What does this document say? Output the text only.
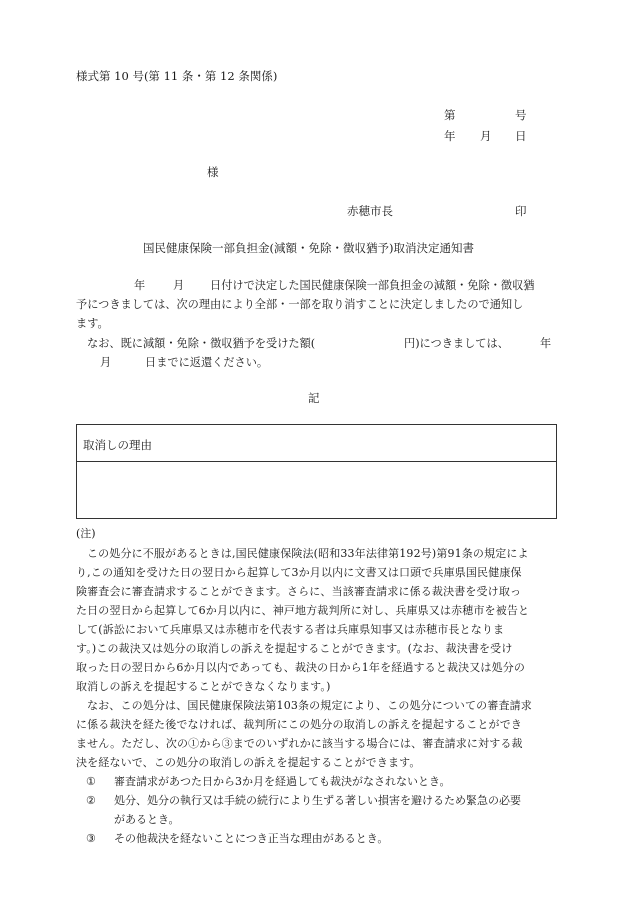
様式第 10 号(第 11 条・第 12 条関係)
第	号
年 月 日
様
赤穂市長	印
国民健康保険一部負担金(減額・免除・徴収猶予)取消決定通知書
年 月 日付けで決定した国民健康保険一部負担金の減額・免除・徴収猶
予につきましては、次の理由により全部・一部を取り消すことに決定しましたので通知し
ます。
なお、既に減額・免除・徴収猶予を受けた額(	円)につきましては、	年
月	日までに返還ください。
記
取消しの理由
(注)
この処分に不服があるときは,国民健康保険法(昭和33年法律第192号)第91条の規定によ
り,この通知を受けた日の翌日から起算して3か月以内に文書又は口頭で兵庫県国民健康保
険審査会に審査請求することができます。さらに、当該審査請求に係る裁決書を受け取っ
た日の翌日から起算して6か月以内に、神戸地方裁判所に対し、兵庫県又は赤穂市を被告と
して(訴訟において兵庫県又は赤穂市を代表する者は兵庫県知事又は赤穂市長となりま
す。)この裁決又は処分の取消しの訴えを提起することができます。(なお、裁決書を受け
取った日の翌日から6か月以内であっても、裁決の日から1年を経過すると裁決又は処分の
取消しの訴えを提起することができなくなります。)
なお、この処分は、国民健康保険法第103条の規定により、この処分についての審査請求
に係る裁決を経た後でなければ、裁判所にこの処分の取消しの訴えを提起することができ
ません。ただし、次の①から③までのいずれかに該当する場合には、審査請求に対する裁
決を経ないで、この処分の取消しの訴えを提起することができます。
① 審査請求があつた日から3か月を経過しても裁決がなされないとき。
② 処分、処分の執行又は手続の続行により生ずる著しい損害を避けるため緊急の必要
があるとき。
③ その他裁決を経ないことにつき正当な理由があるとき。
